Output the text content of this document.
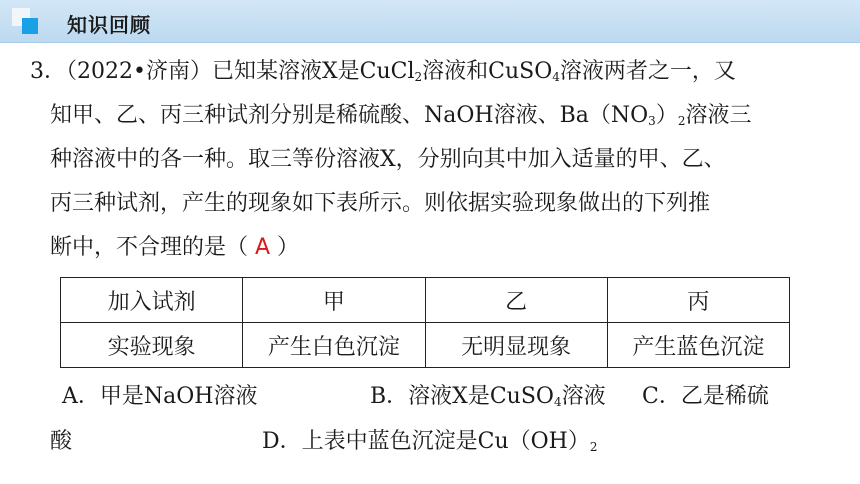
知识回顾
3．（2022•济南）已知某溶液X是CuCl$_2$溶液和CuSO$_4$溶液两者之一，又
知甲、乙、丙三种试剂分别是稀硫酸、NaOH溶液、$Ba(NO_3)_2$溶液三
种溶液中的各一种。取三等份溶液X，分别向其中加入适量的甲、乙、
丙三种试剂，产生的现象如下表所示。则依据实验现象做出的下列推
断中，不合理的是（ A ）
加入试剂	甲	乙	丙
实验现象	产生白色沉淀	无明显现象	产生蓝色沉淀
A．甲是NaOH溶液	B．溶液X是CuSO$_4$溶液 C．乙是稀硫
酸	D．上表中蓝色沉淀是$Cu(OH)_2$
